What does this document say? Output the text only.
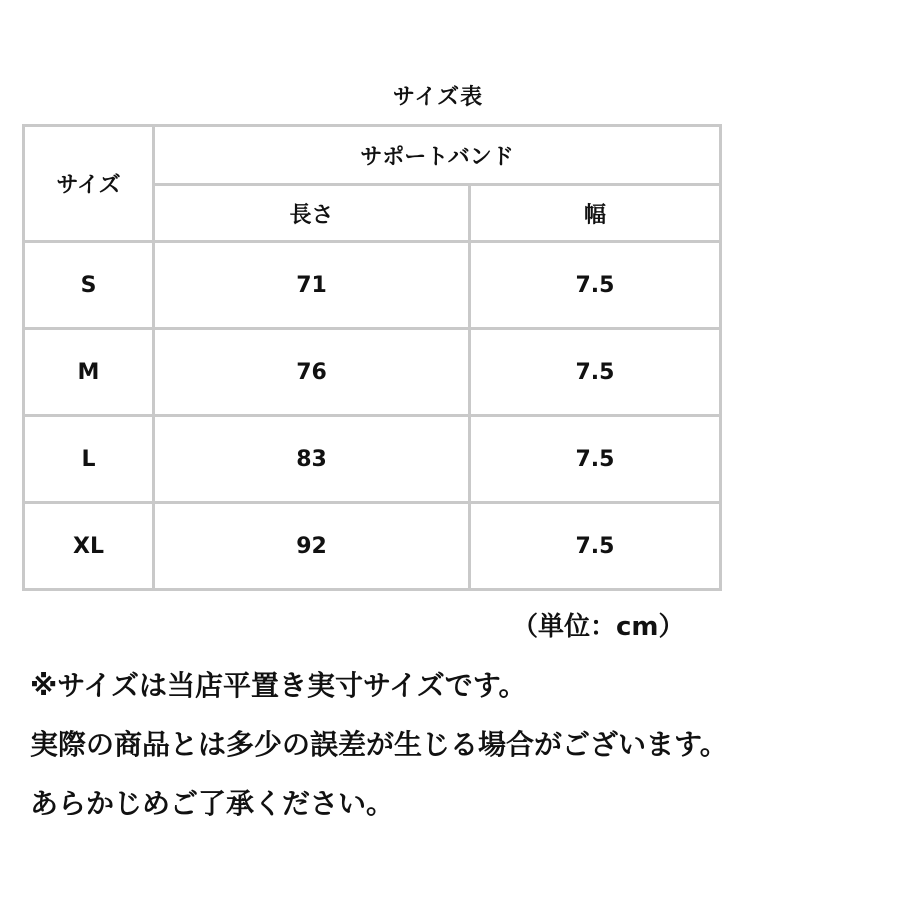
サイズ表
サイズ	サポートバンド	
	長さ	幅
S	71	7.5
M	76	7.5
L	83	7.5
XL	92	7.5
（単位：cm）
※サイズは当店平置き実寸サイズです。
実際の商品とは多少の誤差が生じる場合がございます。
あらかじめご了承ください。
